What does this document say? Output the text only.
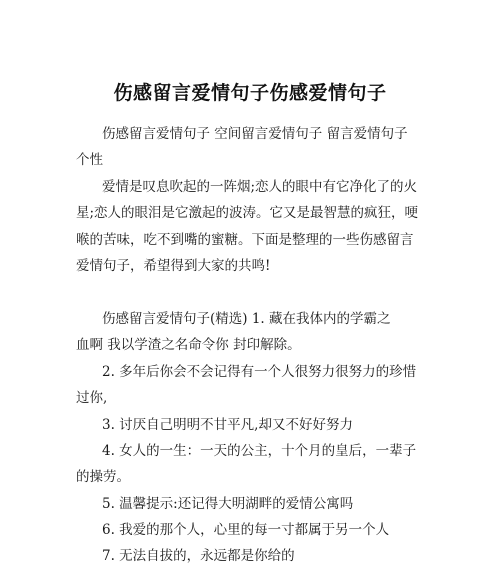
伤感留言爱情句子伤感爱情句子
伤感留言爱情句子 空间留言爱情句子 留言爱情句子
个性
爱情是叹息吹起的一阵烟;恋人的眼中有它净化了的火
星;恋人的眼泪是它激起的波涛。它又是最智慧的疯狂，哽
喉的苦味，吃不到嘴的蜜糖。下面是整理的一些伤感留言
爱情句子，希望得到大家的共鸣!
伤感留言爱情句子(精选) 1. 藏在我体内的学霸之
血啊 我以学渣之名命令你 封印解除。
2. 多年后你会不会记得有一个人很努力很努力的珍惜
过你,
3. 讨厌自己明明不甘平凡,却又不好好努力
4. 女人的一生：一天的公主，十个月的皇后，一辈子
的操劳。
5. 温馨提示:还记得大明湖畔的爱情公寓吗
6. 我爱的那个人，心里的每一寸都属于另一个人
7. 无法自拔的，永远都是你给的
